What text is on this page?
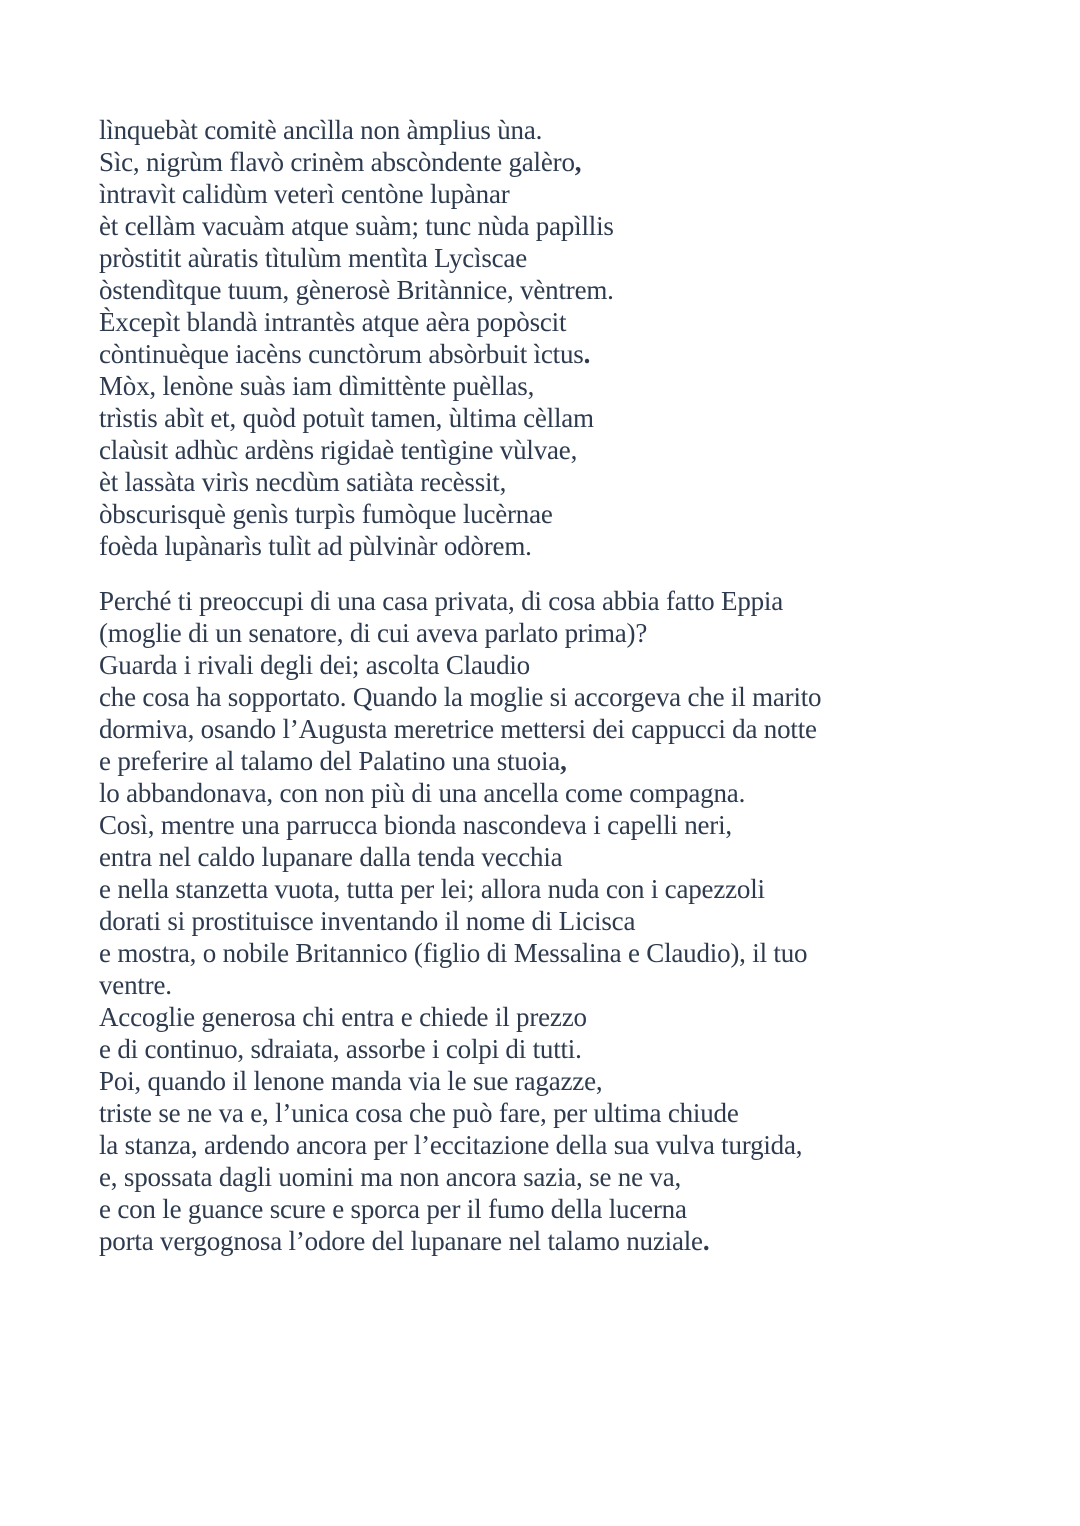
lìnquebàt comitè ancìlla non àmplius ùna.
Sìc, nigrùm flavò crinèm abscòndente galèro,
ìntravìt calidùm veterì centòne lupànar
èt cellàm vacuàm atque suàm; tunc nùda papìllis
pròstitit aùratis tìtulùm mentìta Lycìscae
òstendìtque tuum, gènerosè Britànnice, vèntrem.
Èxcepìt blandà intrantès atque aèra popòscit
còntinuèque iacèns cunctòrum absòrbuit ìctus.
Mòx, lenòne suàs iam dìmittènte puèllas,
trìstis abìt et, quòd potuìt tamen, ùltima cèllam
claùsit adhùc ardèns rigidaè tentìgine vùlvae,
èt lassàta virìs necdùm satiàta recèssit,
òbscurisquè genìs turpìs fumòque lucèrnae
foèda lupànarìs tulìt ad pùlvinàr odòrem.
Perché ti preoccupi di una casa privata, di cosa abbia fatto Eppia
(moglie di un senatore, di cui aveva parlato prima)?
Guarda i rivali degli dei; ascolta Claudio
che cosa ha sopportato. Quando la moglie si accorgeva che il marito
dormiva, osando l’Augusta meretrice mettersi dei cappucci da notte
e preferire al talamo del Palatino una stuoia,
lo abbandonava, con non più di una ancella come compagna.
Così, mentre una parrucca bionda nascondeva i capelli neri,
entra nel caldo lupanare dalla tenda vecchia
e nella stanzetta vuota, tutta per lei; allora nuda con i capezzoli
dorati si prostituisce inventando il nome di Licisca
e mostra, o nobile Britannico (figlio di Messalina e Claudio), il tuo
ventre.
Accoglie generosa chi entra e chiede il prezzo
e di continuo, sdraiata, assorbe i colpi di tutti.
Poi, quando il lenone manda via le sue ragazze,
triste se ne va e, l’unica cosa che può fare, per ultima chiude
la stanza, ardendo ancora per l’eccitazione della sua vulva turgida,
e, spossata dagli uomini ma non ancora sazia, se ne va,
e con le guance scure e sporca per il fumo della lucerna
porta vergognosa l’odore del lupanare nel talamo nuziale.
